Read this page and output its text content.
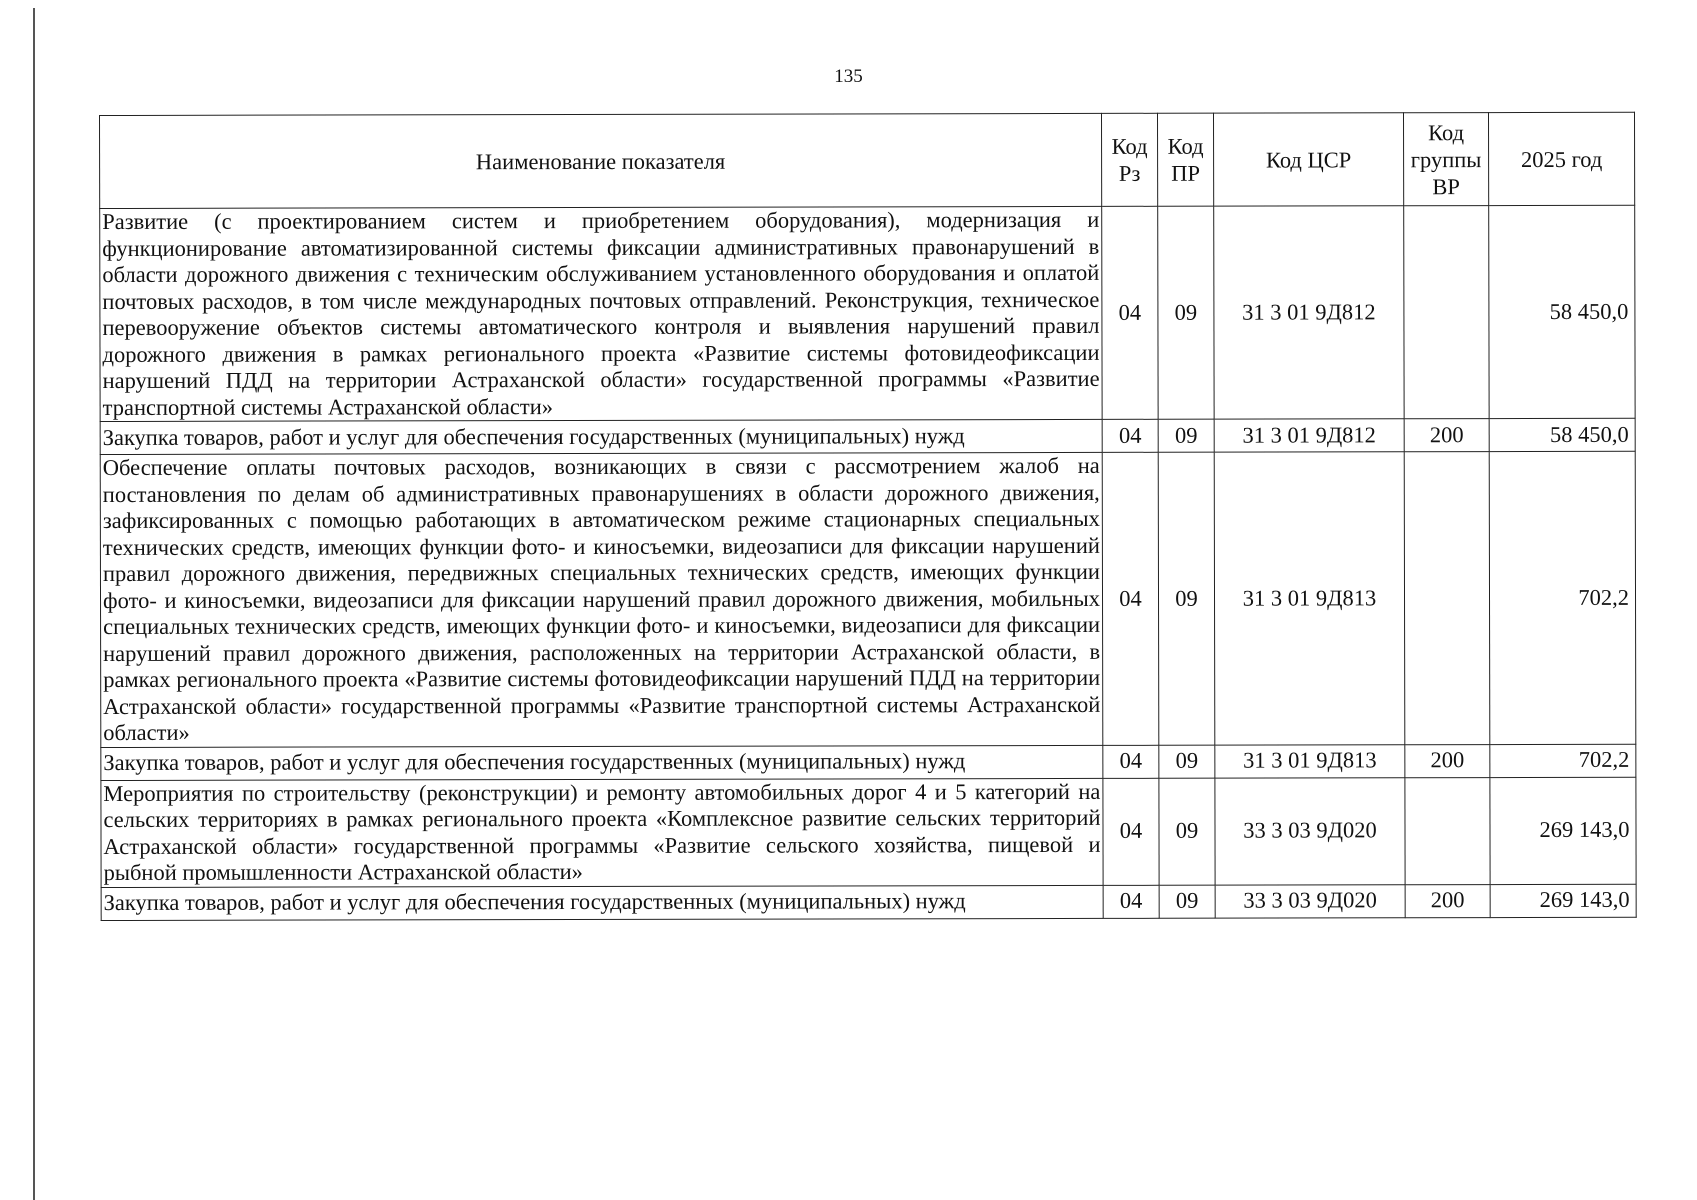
135
Наименование показателя	Код Рз	Код ПР	Код ЦСР	Код группы ВР	2025 год
Развитие (с проектированием систем и приобретением оборудования), модернизация и функционирование автоматизированной системы фиксации административных правонарушений в области дорожного движения с техническим обслуживанием установленного оборудования и оплатой почтовых расходов, в том числе международных почтовых отправлений. Реконструкция, техническое перевооружение объектов системы автоматического контроля и выявления нарушений правил дорожного движения в рамках регионального проекта «Развитие системы фотовидеофиксации нарушений ПДД на территории Астраханской области» государственной программы «Развитие транспортной системы Астраханской области»	04	09	31 3 01 9Д812		58 450,0
Закупка товаров, работ и услуг для обеспечения государственных (муниципальных) нужд	04	09	31 3 01 9Д812	200	58 450,0
Обеспечение оплаты почтовых расходов, возникающих в связи с рассмотрением жалоб на постановления по делам об административных правонарушениях в области дорожного движения, зафиксированных с помощью работающих в автоматическом режиме стационарных специальных технических средств, имеющих функции фото- и киносъемки, видеозаписи для фиксации нарушений правил дорожного движения, передвижных специальных технических средств, имеющих функции фото- и киносъемки, видеозаписи для фиксации нарушений правил дорожного движения, мобильных специальных технических средств, имеющих функции фото- и киносъемки, видеозаписи для фиксации нарушений правил дорожного движения, расположенных на территории Астраханской области, в рамках регионального проекта «Развитие системы фотовидеофиксации нарушений ПДД на территории Астраханской области» государственной программы «Развитие транспортной системы Астраханской области»	04	09	31 3 01 9Д813		702,2
Закупка товаров, работ и услуг для обеспечения государственных (муниципальных) нужд	04	09	31 3 01 9Д813	200	702,2
Мероприятия по строительству (реконструкции) и ремонту автомобильных дорог 4 и 5 категорий на сельских территориях в рамках регионального проекта «Комплексное развитие сельских территорий Астраханской области» государственной программы «Развитие сельского хозяйства, пищевой и рыбной промышленности Астраханской области»	04	09	33 3 03 9Д020		269 143,0
Закупка товаров, работ и услуг для обеспечения государственных (муниципальных) нужд	04	09	33 3 03 9Д020	200	269 143,0
